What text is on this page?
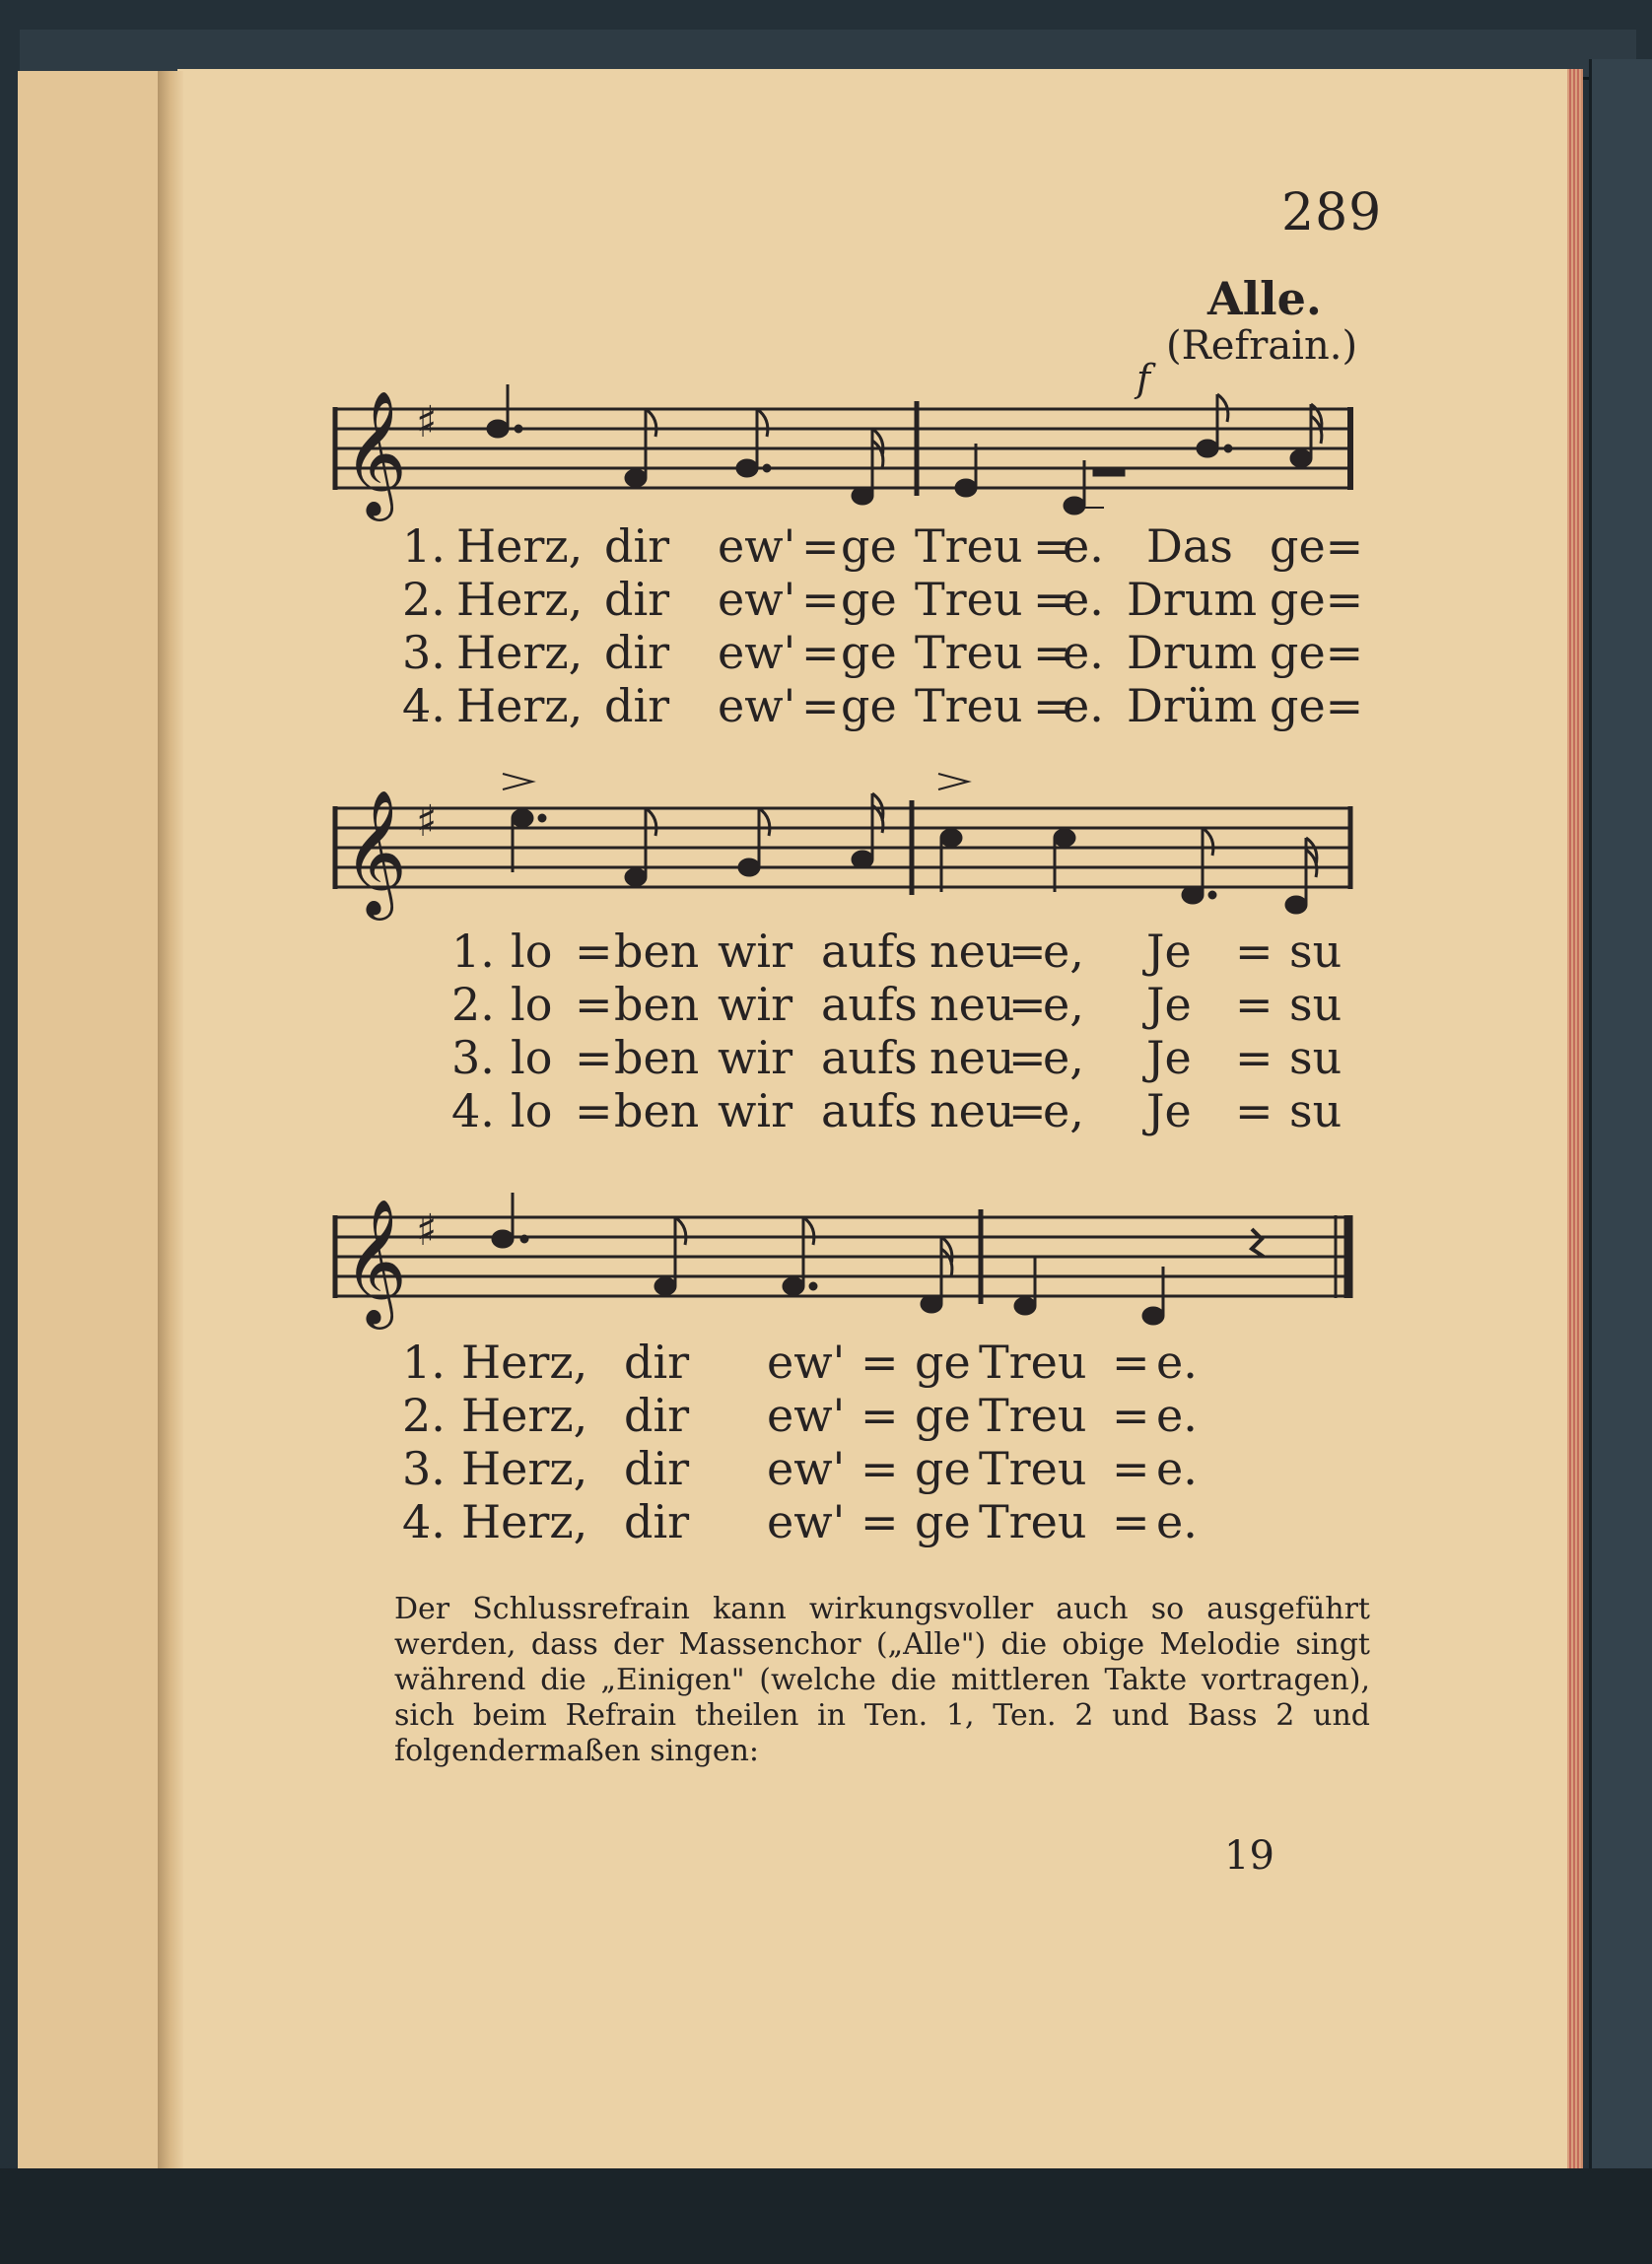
289
Alle.
(Refrain.)
f
𝄞 ♯
1. Herz, dir ew' = ge Treu =
e. Das ge=
2. Herz, dir ew' = ge Treu =
e. Drum ge=
3. Herz, dir ew' = ge Treu =
e. Drum ge=
4. Herz, dir ew' = ge Treu =
e. Drüm ge=
𝄞 ♯
1. lo = ben wir aufs neu
=
e, Je = su
2. lo = ben wir aufs neu
=
e, Je = su
3. lo = ben wir aufs neu
=
e, Je = su
4. lo = ben wir aufs neu
=
e, Je = su
𝄞 ♯
1. Herz, dir ew' = ge Treu = e.
2. Herz, dir ew' = ge Treu = e.
3. Herz, dir ew' = ge Treu = e.
4. Herz, dir ew' = ge Treu = e.

Der Schlussrefrain kann wirkungsvoller auch so ausgeführt werden, dass der Massenchor („Alle") die obige Melodie singt während die „Einigen" (welche die mittleren Takte vortragen), sich beim Refrain theilen in Ten. 1, Ten. 2 und Bass 2 und folgendermaßen singen:

19
